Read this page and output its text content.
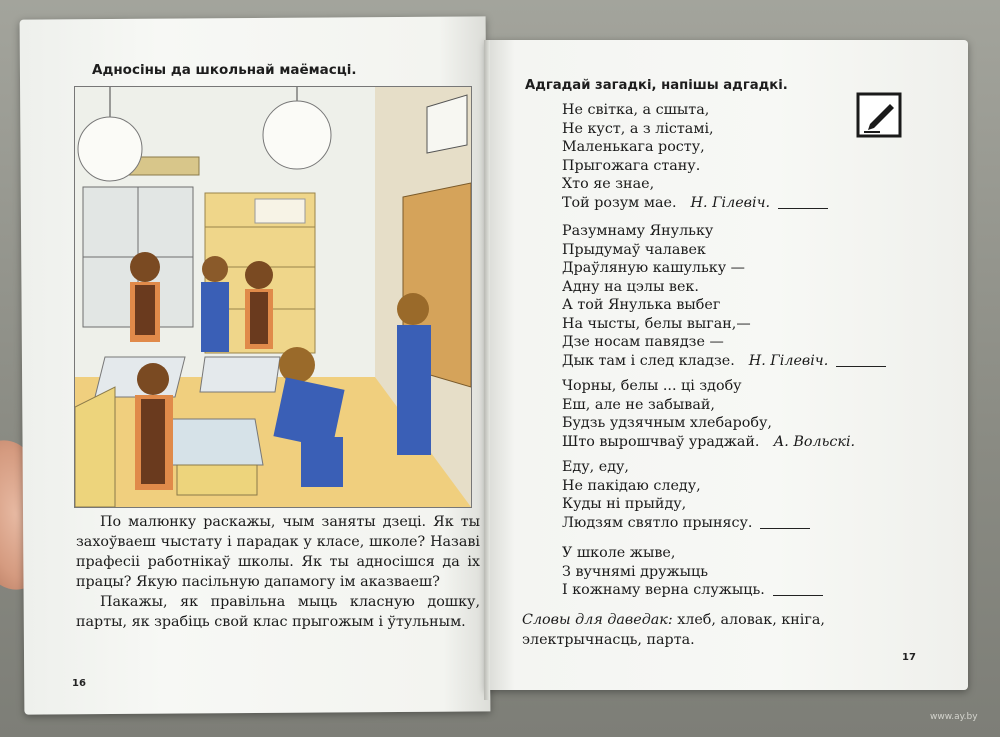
Адносіны да школьнай маёмасці.

По малюнку раскажы, чым заняты дзеці. Як ты захоўваеш чыстату і парадак у класе, школе? Назаві прафесіі работнікаў школы. Як ты адносішся да іх працы? Якую пасільную дапамогу ім аказваеш?

Пакажы, як правільна мыць класную дошку, парты, як зрабіць свой клас прыгожым і ўтульным.

16
Адгадай загадкі, напішы адгадкі.
Не світка, а сшыта,
Не куст, а з лістамі,
Маленькага росту,
Прыгожага стану.
Хто яе знае,
Той розум мае. Н. Гілевіч.
Разумнаму Янульку
Прыдумаў чалавек
Драўляную кашульку —
Адну на цэлы век.
А той Янулька выбег
На чысты, белы выган,—
Дзе носам павядзе —
Дык там і след кладзе. Н. Гілевіч.
Чорны, белы ... ці здобу
Еш, але не забывай,
Будзь удзячным хлебаробу,
Што вырошчваў ураджай. А. Вольскі.
Еду, еду,
Не пакідаю следу,
Куды ні прыйду,
Людзям святло прынясу.
У школе жыве,
З вучнямі дружыць
І кожнаму верна служыць.
Словы для даведак: хлеб, аловак, кніга, электрычнасць, парта.
17
www.ay.by
